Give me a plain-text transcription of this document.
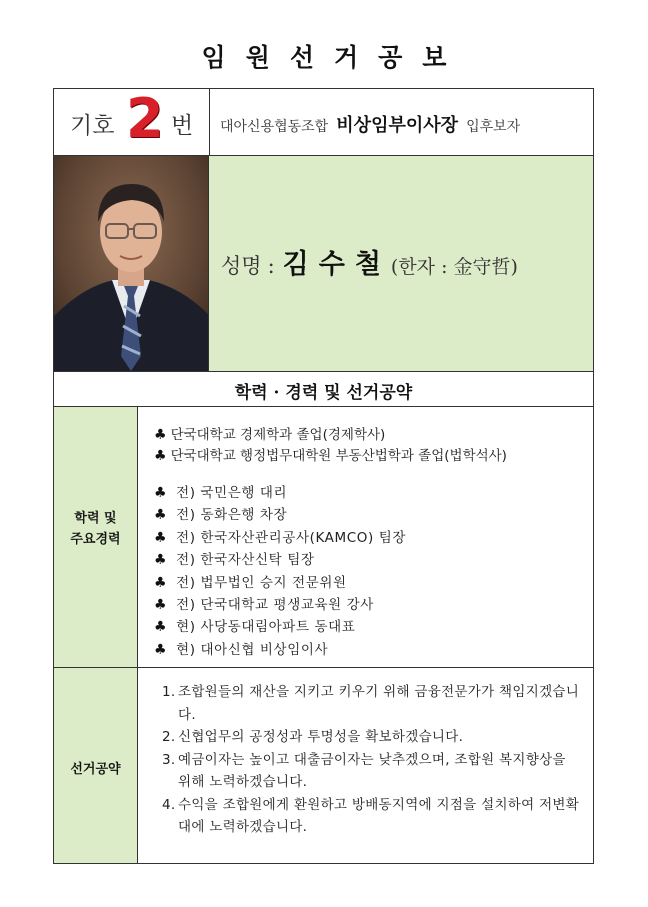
임원선거공보
기호 2 번 대아신용협동조합 비상임부이사장 입후보자
성명 : 김수철(한자 : 金守哲)
학력 · 경력 및 선거공약
학력 및
주요경력
♣ 단국대학교 경제학과 졸업(경제학사)
♣ 단국대학교 행정법무대학원 부동산법학과 졸업(법학석사)
♣ 전) 국민은행 대리
♣ 전) 동화은행 차장
♣ 전) 한국자산관리공사(KAMCO) 팀장
♣ 전) 한국자산신탁 팀장
♣ 전) 법무법인 승지 전문위원
♣ 전) 단국대학교 평생교육원 강사
♣ 현) 사당동대림아파트 동대표
♣ 현) 대아신협 비상임이사
선거공약
1. 조합원들의 재산을 지키고 키우기 위해 금융전문가가 책임지겠습니다.
2. 신협업무의 공정성과 투명성을 확보하겠습니다.
3. 예금이자는 높이고 대출금이자는 낮추겠으며, 조합원 복지향상을 위해 노력하겠습니다.
4. 수익을 조합원에게 환원하고 방배동지역에 지점을 설치하여 저변확대에 노력하겠습니다.
